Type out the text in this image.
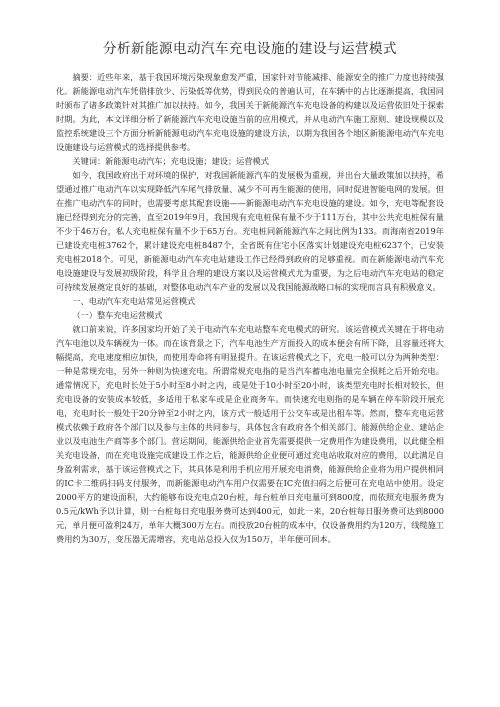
分析新能源电动汽车充电设施的建设与运营模式

摘要：近些年来，基于我国环境污染现象愈发严重，国家针对节能减排、能源安全的推广力度也持续强化。新能源电动汽车凭借排放少、污染低等优势，得到民众的普遍认可，在车辆中的占比逐渐提高，我国同时颁布了诸多政策针对其推广加以扶持。如今，我国关于新能源汽车充电设备的构建以及运营依旧处于探索时期。为此，本文详细分析了新能源汽车充电设施当前的应用模式，并从电动汽车施工原则、建设规模以及监控系统建设三个方面分析新能源电动汽车充电设施的建设方法，以期为我国各个地区新能源电动汽车充电设施建设与运营模式的选择提供参考。

关键词：新能源电动汽车；充电设施；建设；运营模式

如今，我国政府出于对环境的保护，对我国新能源汽车的发展极为重视，并出台大量政策加以扶持，希望通过推广电动汽车以实现降低汽车尾气排放量、减少不可再生能源的使用，同时促进智能电网的发展。但在推广电动汽车的同时，也需要考虑其配套设施——新能源电动汽车充电设施的建设。如今，充电等配套设施已经得到充分的完善，直至2019年9月，我国现有充电桩保有量不少于111万台，其中公共充电桩保有量不少于46万台，私人充电桩保有量不少于65万台。充电桩同新能源汽车之间比例为133。而海南省2019年已建设充电桩3762个，累计建设充电桩8487个，全省既有住宅小区落实计划建设充电桩6237个，已安装充电桩2018个。可见，新能源电动汽车充电站建设工作已经得到政府的足够重视。而在新能源电动汽车充电设施建设与发展初级阶段，科学且合理的建设方案以及运营模式尤为重要，为之后电动汽车充电站的稳定可持续发展奠定良好的基础，对整体电动汽车产业的发展以及我国能源战略口标的实现而言具有积极意义。

一、电动汽车充电站常见运营模式

（一）整车充电运营模式

就口前来说，许多国家均开始了关于电动汽车充电站整车充电模式的研究。该运营模式关键在于将电动汽车电池以及车辆视为一体。而在该背景之下，汽车电池生产方面投入的成本便会有所下降，且容量还将大幅提高，充电速度相应加快，而使用寿命将有明显提升。在该运营模式之下，充电一般可以分为两种类型：一种是常规充电，另外一种则为快速充电。所谓常规充电指的是当汽车蓄电池电量完全损耗之后开始充电。通常情况下，充电时长处于5小时至8小时之内，或是处于10小时至20小时，该类型充电时长相对较长，但充电设备的安装成本较低，多适用于私家车或是企业商务车。而快速充电则指的是车辆在停车阶段开展充电，充电时长一般处于20分钟至2小时之内，该方式一般适用于公交车或是出租车等。然而，整车充电运营模式依赖于政府各个部门以及参与主体的共同参与，具体包含有政府各个相关部门、能源供给企业、建站企业以及电池生产商等多个部门。营运期间，能源供给企业首先需要提供一定费用作为建设费用，以此健全相关充电设备，而在充电设施完成建设工作之后，能源供给企业便可通过充电站收取对应的费用，以此满足自身盈利需求，基于该运营模式之下，其具体是利用手机应用开展充电消费，能源供给企业将为用户提供相同的IC卡二维码扫码支付服务，而新能源电动汽车用户仅需要在IC充值扫码之后便可在充电站中使用。设定2000平方的建设面积，大约能够布设充电点20台桩，每台桩单日充电量可到800度，而依照充电服务费为0.5元/kWh予以计算，则一台桩每日充电服务费可达到400元，如此一来，20台桩每日服务费可达到8000元，单月便可盈利24万，单年大概300万左右。而投放20台桩的成本中，仅设备费用约为120万，线缆施工费用约为30万，变压器无需增容，充电站总投入仅为150万，半年便可回本。
